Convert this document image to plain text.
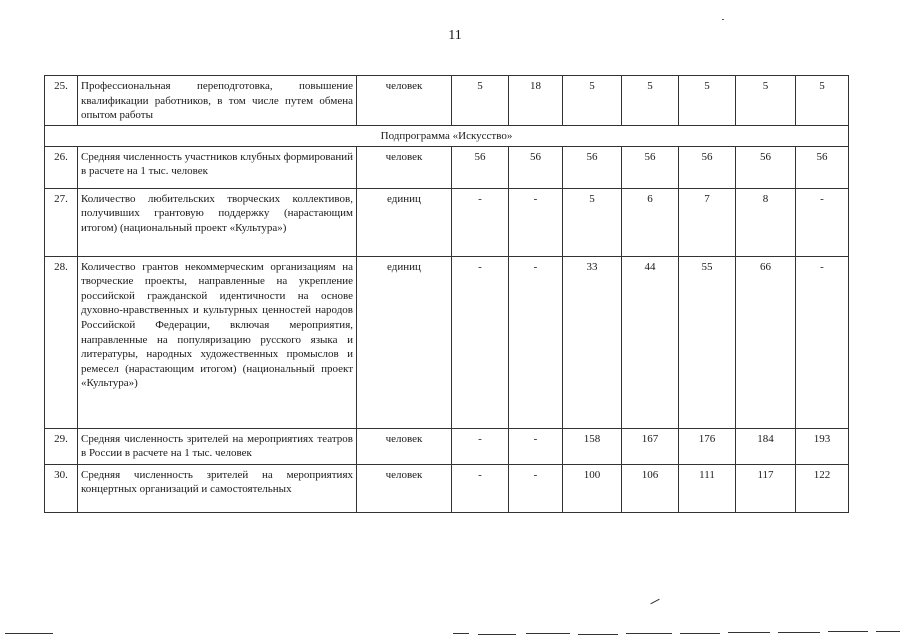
11
25.	Профессиональная переподготовка, повышение квалификации работников, в том числе путем обмена опытом работы	человек	5	18	5	5	5	5	5
Подпрограмма «Искусство»									
26.	Средняя численность участников клубных формирований в расчете на 1 тыс. человек	человек	56	56	56	56	56	56	56
27.	Количество любительских творческих коллективов, получивших грантовую поддержку (нарастающим итогом) (национальный проект «Культура»)	единиц	-	-	5	6	7	8	-
28.	Количество грантов некоммерческим организациям на творческие проекты, направленные на укрепление российской гражданской идентичности на основе духовно-нравственных и культурных ценностей народов Российской Федерации, включая мероприятия, направленные на популяризацию русского языка и литературы, народных художественных промыслов и ремесел (нарастающим итогом) (национальный проект «Культура»)	единиц	-	-	33	44	55	66	-
29.	Средняя численность зрителей на мероприятиях театров в России в расчете на 1 тыс. человек	человек	-	-	158	167	176	184	193
30.	Средняя численность зрителей на мероприятиях концертных организаций и самостоятельных	человек	-	-	100	106	111	117	122
